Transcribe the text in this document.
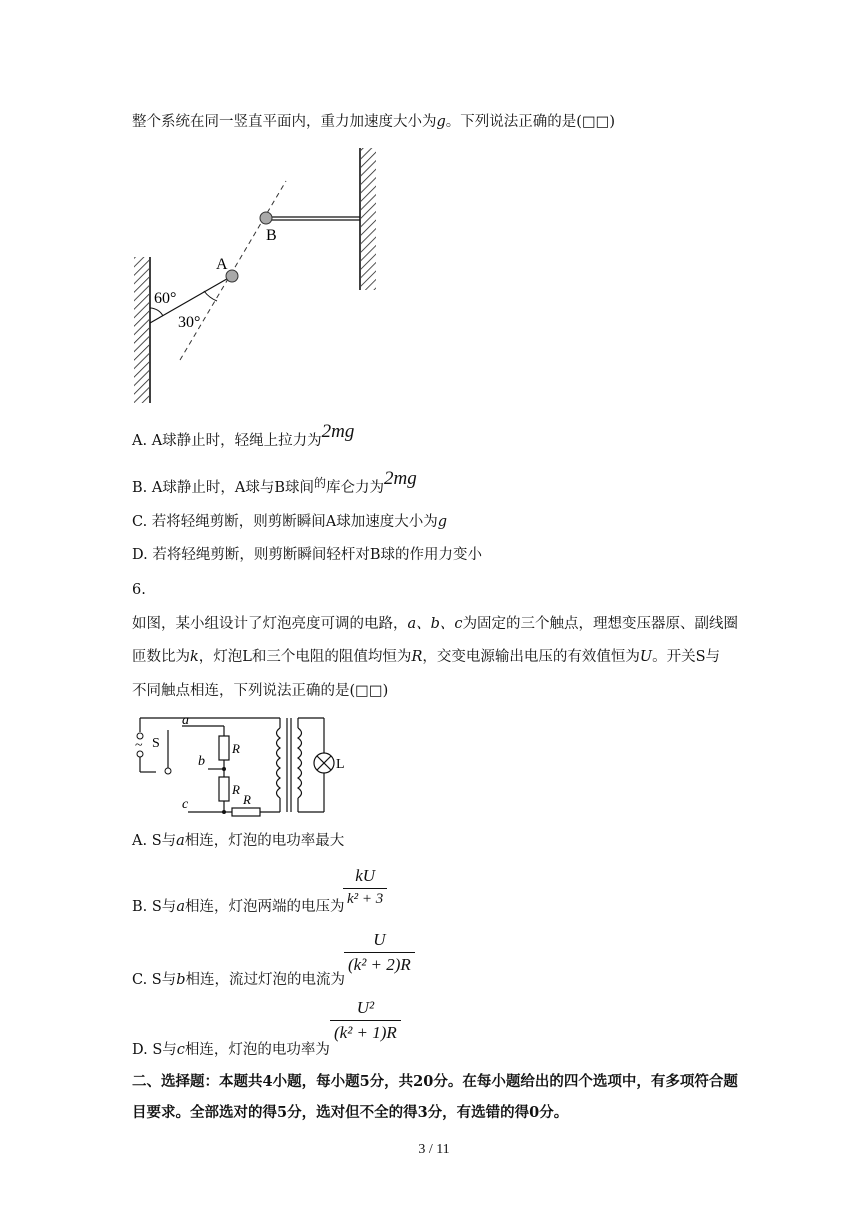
整个系统在同一竖直平面内，重力加速度大小为g。下列说法正确的是(□□)
A
B
60°
30°
A. A球静止时，轻绳上拉力为2mg
B. A球静止时，A球与B球间$^的$库仑力为2mg
C. 若将轻绳剪断，则剪断瞬间A球加速度大小为g
D. 若将轻绳剪断，则剪断瞬间轻杆对B球的作用力变小
6.
如图，某小组设计了灯泡亮度可调的电路，a、b、c为固定的三个触点，理想变压器原、副线圈
匝数比为k，灯泡L和三个电阻的阻值均恒为R，交变电源输出电压的有效值恒为U。开关S与
不同触点相连，下列说法正确的是(□□)
~ S
a
b
c
R
R
R
L
A. S与a相连，灯泡的电功率最大
B. S与a相连，灯泡两端的电压为
kU
k² + 3
C. S与b相连，流过灯泡的电流为
U
(k² + 2)R
D. S与c相连，灯泡的电功率为
U²
(k² + 1)R
二、选择题：本题共4小题，每小题5分，共20分。在每小题给出的四个选项中，有多项符合题
目要求。全部选对的得5分，选对但不全的得3分，有选错的得0分。
3 / 11
